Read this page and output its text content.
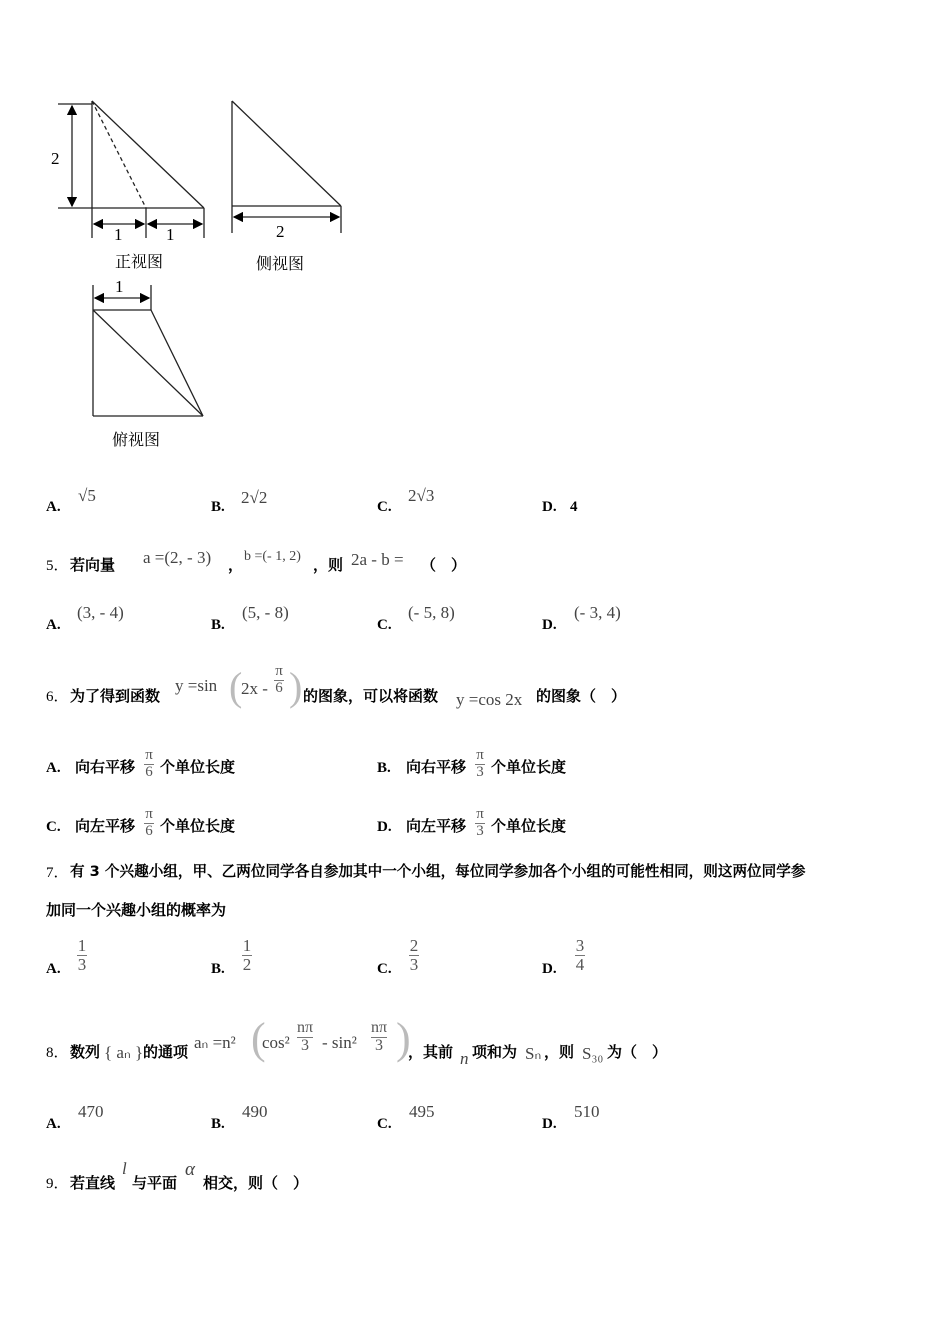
2
1	1
正视图
2
侧视图
1
俯视图
A.
√5
B. 2√2	C.
2√3
D. 4
5． 若向量 a =(2, - 3) ， b =(- 1, 2) ，则 2a - b = （　）
A.
(3, - 4)
B.
(5, - 8)
C.
(- 5, 8)
D.
(- 3, 4)
6． 为了得到函数
y =sin (
2x -
π
6 ) 的图象，可以将函数 y =cos 2x 的图象（　）
A. 向右平移
π
6 个单位长度	B. 向右平移
π
3 个单位长度
C. 向左平移
π
6 个单位长度	D. 向左平移
π
3 个单位长度
7． 有 3 个兴趣小组，甲、乙两位同学各自参加其中一个小组，每位同学参加各个小组的可能性相同，则这两位同学参
加同一个兴趣小组的概率为
A.
1
3	B.
1
2	C.
2
3	D.
3
4
8． 数列 { aₙ } 的通项 aₙ =n² (
cos²
nπ
3 - sin²
nπ
3 )
，其前 n 项和为 Sₙ ，则 S₃₀ 为（　）
A.
470
B.
490
C.
495
D.
510
9． 若直线
l
与平面
α
相交，则（　）
